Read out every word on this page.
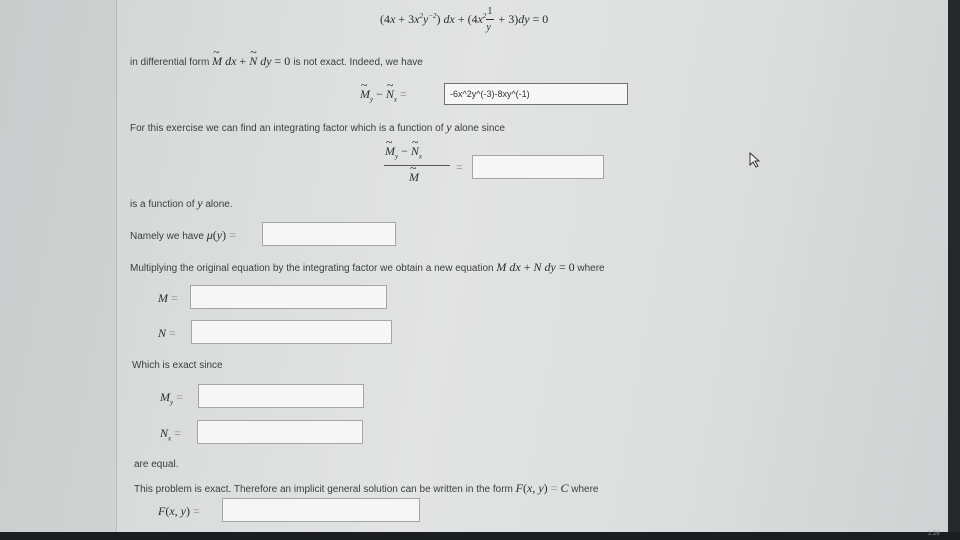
$(4x + 3x^2y^{-2})$ dx + ($4x^2$
$\frac{1}{y}$
+ 3)dy = 0
in differential form ~ M dx + ~ N dy = 0 is not exact. Indeed, we have
~ $M_y$ − ~ $N_x$ =	-6x^2y^(-3)-8xy^(-1)
For this exercise we can find an integrating factor which is a function of y alone since
~ $M_y$ − ~ $N_x$
~ M
=
is a function of y alone.
Namely we have μ(y) =
Multiplying the original equation by the integrating factor we obtain a new equation M dx + N dy = 0 where
M =
N =
Which is exact since
$M_y$ =
$N_x$ =
are equal.
This problem is exact. Therefore an implicit general solution can be written in the form F(x, y) = C where
F(x, y) =
1:26
